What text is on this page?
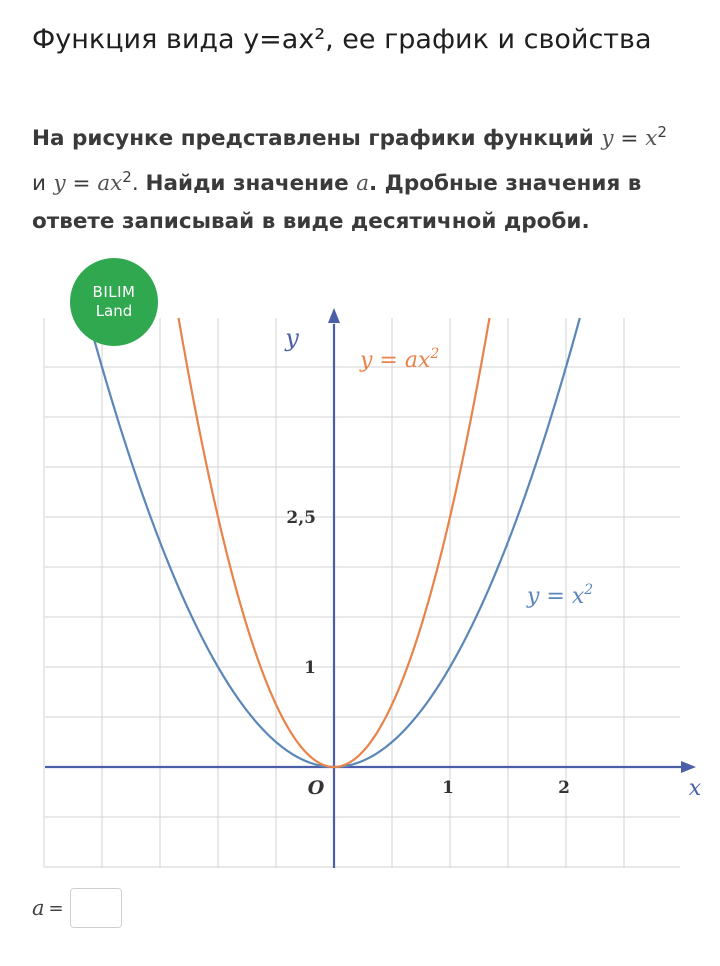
Функция вида y=ax², ее график и свойства

На рисунке представлены графики функций $y = x^2$
и $y = ax^2$. Найди значение a. Дробные значения в ответе записывай в виде десятичной дроби.

1	2
1
2,5
O	x
y
$y = x^2$
$y = ax^2$
BILIM
Land
a =
